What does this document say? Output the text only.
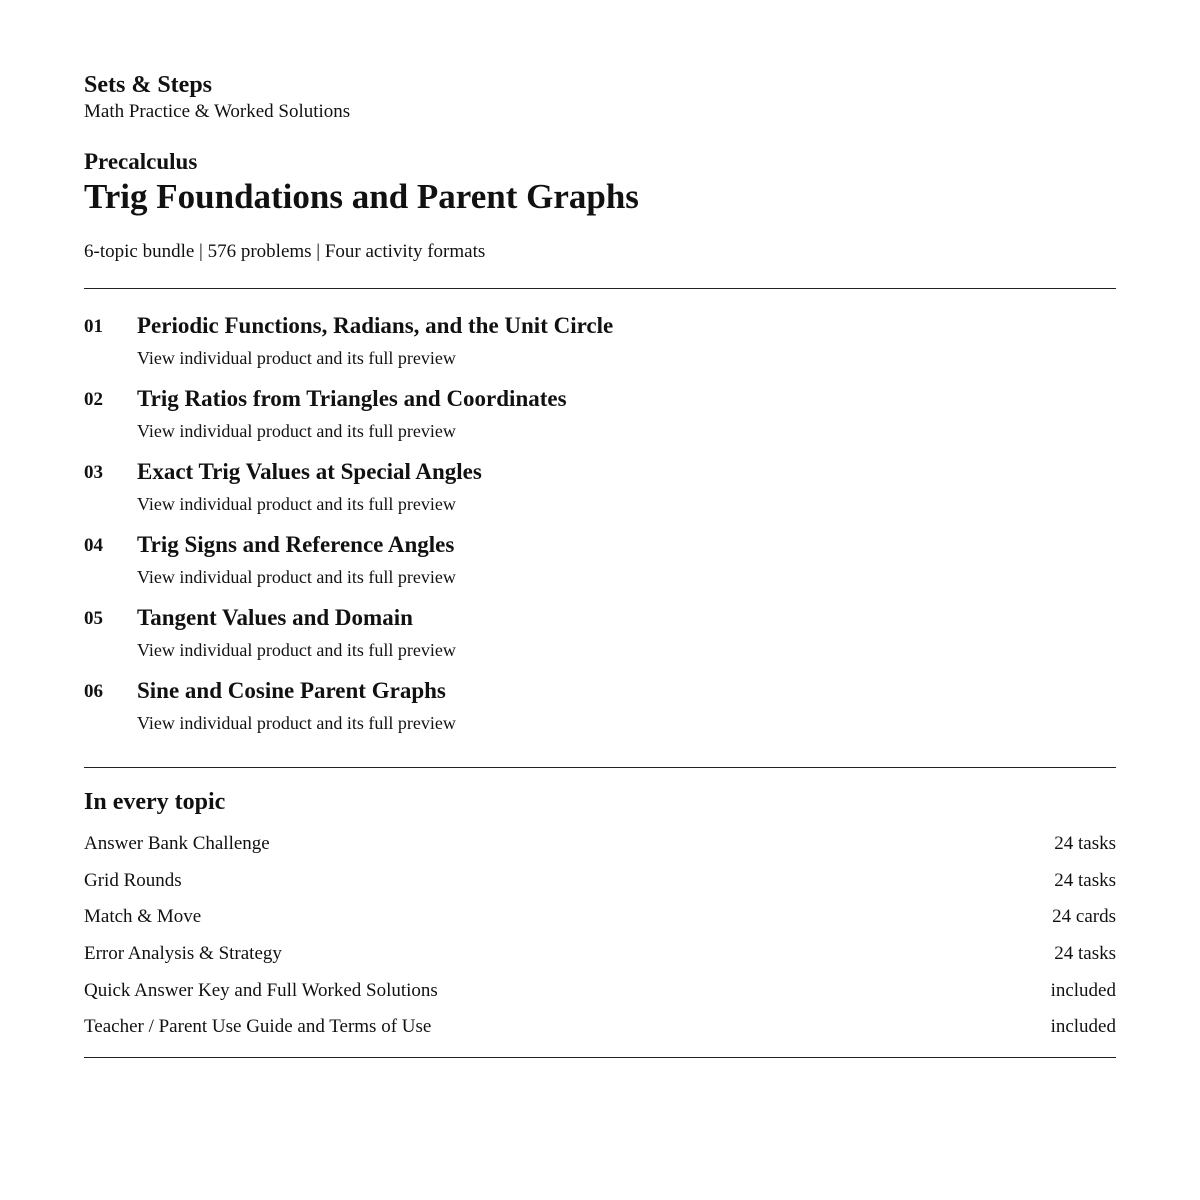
Sets & Steps
Math Practice & Worked Solutions
Precalculus
Trig Foundations and Parent Graphs
6-topic bundle | 576 problems | Four activity formats
01	Periodic Functions, Radians, and the Unit Circle
View individual product and its full preview
02	Trig Ratios from Triangles and Coordinates
View individual product and its full preview
03	Exact Trig Values at Special Angles
View individual product and its full preview
04	Trig Signs and Reference Angles
View individual product and its full preview
05	Tangent Values and Domain
View individual product and its full preview
06	Sine and Cosine Parent Graphs
View individual product and its full preview
In every topic
Answer Bank Challenge	24 tasks
Grid Rounds	24 tasks
Match & Move	24 cards
Error Analysis & Strategy	24 tasks
Quick Answer Key and Full Worked Solutions	included
Teacher / Parent Use Guide and Terms of Use	included
